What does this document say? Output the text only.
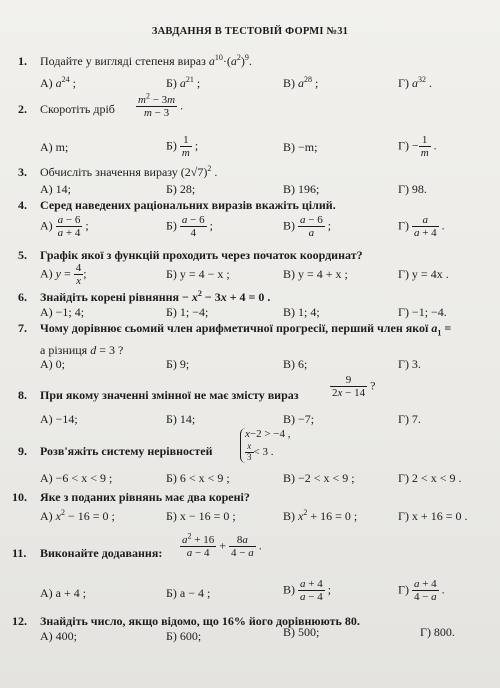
ЗАВДАННЯ В ТЕСТОВІЙ ФОРМІ №31
1. Подайте у вигляді степеня вираз $a^{10}\cdot(a^2)^9$.
А) $a^{24}$ ;	Б) $a^{21}$ ;	В) $a^{28}$ ;	Г) $a^{32}$ .
2. Скоротіть дріб $\frac{m^2 - 3m}{m - 3}$ .
А) m;	$Б) \frac{1}{m}$ ;	В) −m;	$Г) - \frac{1}{m}$ .
3. Обчисліть значення виразу $(2√7)^2$ .
А) 14;	Б) 28;	В) 196;	Г) 98.
4. Серед наведених раціональних виразів вкажіть цілий.
$А) \frac{a - 6}{a + 4}$ ;	$Б) \frac{a - 6}{4}$ ;	$В) \frac{a - 6}{a}$ ;	$Г) \frac{a}{a + 4}$ .
5. Графік якої з функцій проходить через початок координат?
А) $y = \frac{4}{x}$ ;	Б) y = 4 − x ;	В) y = 4 + x ;	Г) y = 4x .
6. Знайдіть корені рівняння − $x^2 - 3x + 4 = 0$ .
А) −1; 4;	Б) 1; −4;	В) 1; 4;	Г) −1; −4.
7. Чому дорівнює сьомий член арифметичної прогресії, перший член якої $a_1$ =
а різниця d = 3 ?
А) 0;	Б) 9;	В) 6;	Г) 3.
8. При якому значенні змінної не має змісту вираз	$\frac{9}{2x - 14}$ ?
А) −14;	Б) 14;	В) −7;	Г) 7.
9. Розв'яжіть систему нерівностей
x−2 > −4 ,
$\frac{x}{3} < 3$ .
А) −6 < x < 9 ;	Б) 6 < x < 9 ;	В) −2 < x < 9 ;	Г) 2 < x < 9 .
10. Яке з поданих рівнянь має два корені?
А) $x^2 - 16 = 0$ ;	Б) x − 16 = 0 ;	В) $x^2 + 16 = 0$ ;	Г) x + 16 = 0 .
11. Виконайте додавання: $\frac{a^2 + 16}{a - 4} + \frac{8a}{4 - a}$ .
А) a + 4 ;	Б) a − 4 ;	$В) \frac{a + 4}{a - 4}$ ;	$Г) \frac{a + 4}{4 - a}$ .
12. Знайдіть число, якщо відомо, що 16% його дорівнюють 80.
А) 400;	Б) 600;	В) 500;	Г) 800.
